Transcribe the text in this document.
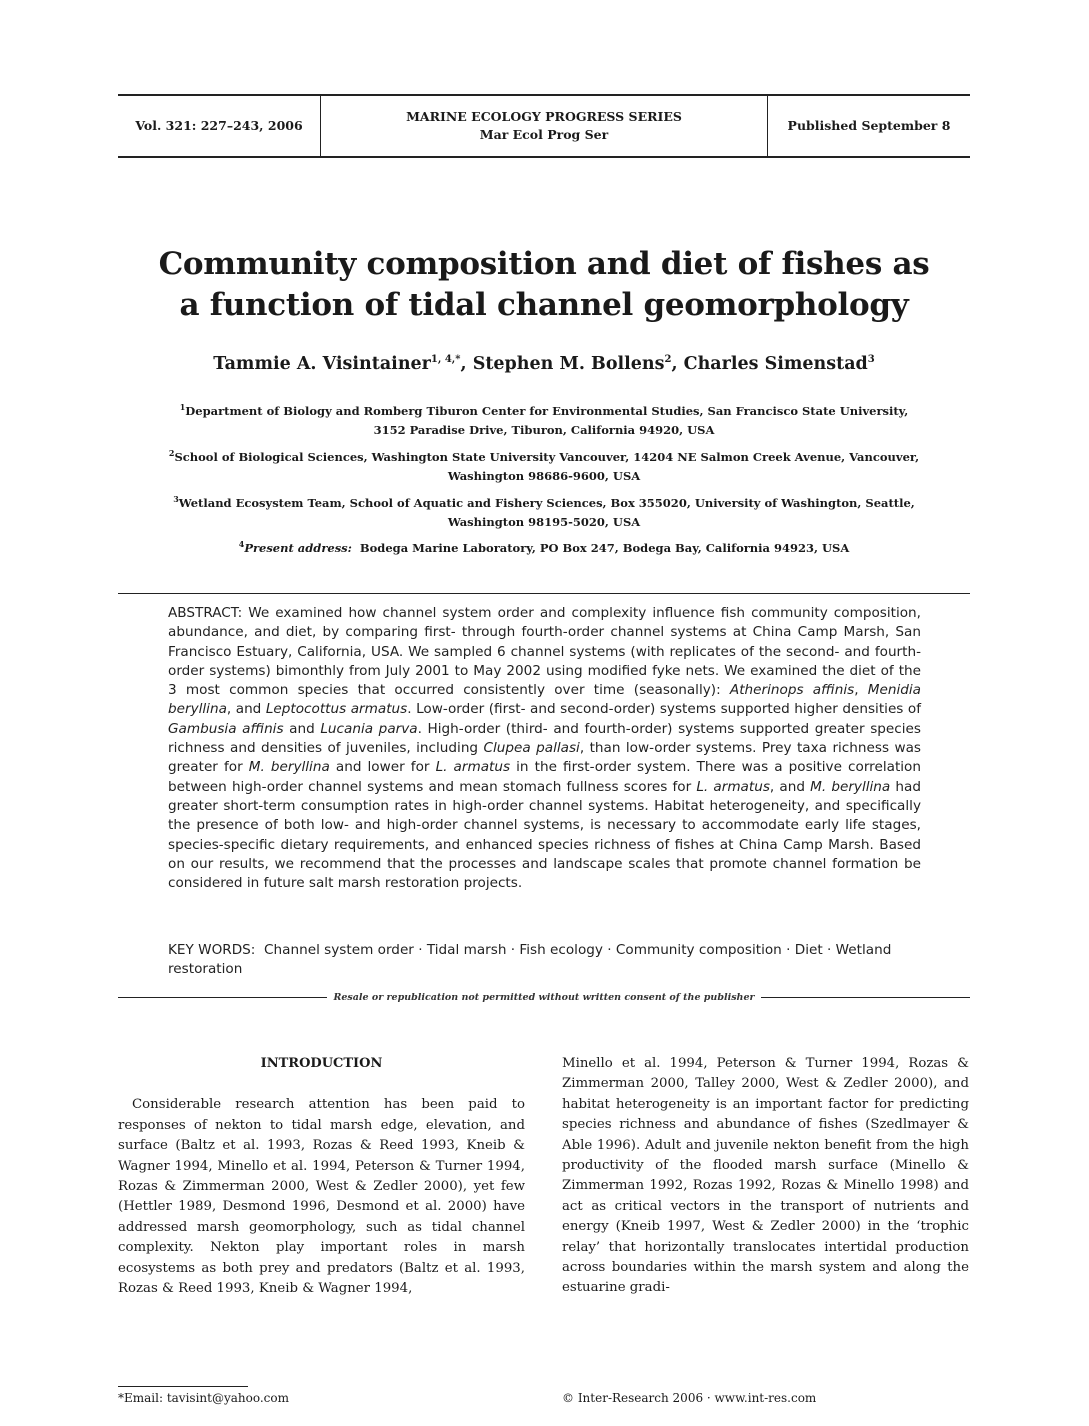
Vol. 321: 227–243, 2006
MARINE ECOLOGY PROGRESS SERIES
Mar Ecol Prog Ser
Published September 8
Community composition and diet of fishes as
a function of tidal channel geomorphology
Tammie A. Visintainer$^{1, 4,*}$, Stephen M. Bollens$^2$, Charles Simenstad$^3$
$^1$Department of Biology and Romberg Tiburon Center for Environmental Studies, San Francisco State University,
3152 Paradise Drive, Tiburon, California 94920, USA
$^2$School of Biological Sciences, Washington State University Vancouver, 14204 NE Salmon Creek Avenue, Vancouver,
Washington 98686-9600, USA
$^3$Wetland Ecosystem Team, School of Aquatic and Fishery Sciences, Box 355020, University of Washington, Seattle,
Washington 98195-5020, USA
$^4$Present address: Bodega Marine Laboratory, PO Box 247, Bodega Bay, California 94923, USA
ABSTRACT: We examined how channel system order and complexity influence fish community composition, abundance, and diet, by comparing first- through fourth-order channel systems at China Camp Marsh, San Francisco Estuary, California, USA. We sampled 6 channel systems (with replicates of the second- and fourth-order systems) bimonthly from July 2001 to May 2002 using modified fyke nets. We examined the diet of the 3 most common species that occurred consistently over time (seasonally): Atherinops affinis, Menidia beryllina, and Leptocottus armatus. Low-order (first- and second-order) systems supported higher densities of Gambusia affinis and Lucania parva. High-order (third- and fourth-order) systems supported greater species richness and densities of juveniles, including Clupea pallasi, than low-order systems. Prey taxa richness was greater for M. beryllina and lower for L. armatus in the first-order system. There was a positive correlation between high-order channel systems and mean stomach fullness scores for L. armatus, and M. beryllina had greater short-term consumption rates in high-order channel systems. Habitat heterogeneity, and specifically the presence of both low- and high-order channel systems, is necessary to accommodate early life stages, species-specific dietary requirements, and enhanced species richness of fishes at China Camp Marsh. Based on our results, we recommend that the processes and landscape scales that promote channel formation be considered in future salt marsh restoration projects.
KEY WORDS: Channel system order · Tidal marsh · Fish ecology · Community composition · Diet · Wetland restoration
Resale or republication not permitted without written consent of the publisher
INTRODUCTION
Considerable research attention has been paid to responses of nekton to tidal marsh edge, elevation, and surface (Baltz et al. 1993, Rozas & Reed 1993, Kneib & Wagner 1994, Minello et al. 1994, Peterson & Turner 1994, Rozas & Zimmerman 2000, West & Zedler 2000), yet few (Hettler 1989, Desmond 1996, Desmond et al. 2000) have addressed marsh geomorphology, such as tidal channel complexity. Nekton play important roles in marsh ecosystems as both prey and predators (Baltz et al. 1993, Rozas & Reed 1993, Kneib & Wagner 1994,
Minello et al. 1994, Peterson & Turner 1994, Rozas & Zimmerman 2000, Talley 2000, West & Zedler 2000), and habitat heterogeneity is an important factor for predicting species richness and abundance of fishes (Szedlmayer & Able 1996). Adult and juvenile nekton benefit from the high productivity of the flooded marsh surface (Minello & Zimmerman 1992, Rozas 1992, Rozas & Minello 1998) and act as critical vectors in the transport of nutrients and energy (Kneib 1997, West & Zedler 2000) in the ‘trophic relay’ that horizontally translocates intertidal production across boundaries within the marsh system and along the estuarine gradi-
*Email: tavisint@yahoo.com	© Inter-Research 2006 · www.int-res.com
